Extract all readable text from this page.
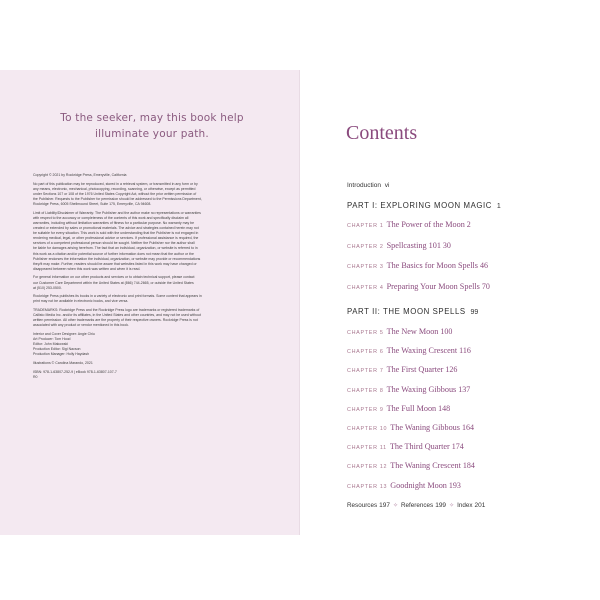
To the seeker, may this book help
illuminate your path.

Copyright © 2021 by Rockridge Press, Emeryville, California

No part of this publication may be reproduced, stored in a retrieval system, or transmitted in any form or by
any means, electronic, mechanical, photocopying, recording, scanning, or otherwise, except as permitted
under Sections 107 or 108 of the 1976 United States Copyright Act, without the prior written permission of
the Publisher. Requests to the Publisher for permission should be addressed to the Permissions Department,
Rockridge Press, 6005 Shellmound Street, Suite 175, Emeryville, CA 94608.

Limit of Liability/Disclaimer of Warranty: The Publisher and the author make no representations or warranties
with respect to the accuracy or completeness of the contents of this work and specifically disclaim all
warranties, including without limitation warranties of fitness for a particular purpose. No warranty may be
created or extended by sales or promotional materials. The advice and strategies contained herein may not
be suitable for every situation. This work is sold with the understanding that the Publisher is not engaged in
rendering medical, legal, or other professional advice or services. If professional assistance is required, the
services of a competent professional person should be sought. Neither the Publisher nor the author shall
be liable for damages arising herefrom. The fact that an individual, organization, or website is referred to in
this work as a citation and/or potential source of further information does not mean that the author or the
Publisher endorses the information the individual, organization, or website may provide or recommendations
they/it may make. Further, readers should be aware that websites listed in this work may have changed or
disappeared between when this work was written and when it is read.

For general information on our other products and services or to obtain technical support, please contact
our Customer Care Department within the United States at (866) 744-2665, or outside the United States
at (510) 253-0500.

Rockridge Press publishes its books in a variety of electronic and print formats. Some content that appears in
print may not be available in electronic books, and vice versa.

TRADEMARKS: Rockridge Press and the Rockridge Press logo are trademarks or registered trademarks of
Callisto Media Inc. and/or its affiliates, in the United States and other countries, and may not be used without
written permission. All other trademarks are the property of their respective owners. Rockridge Press is not
associated with any product or vendor mentioned in this book.

Interior and Cover Designer: Angie Chiu
Art Producer: Tom Hood
Editor: John Makowski
Production Editor: Sigi Nacson
Production Manager: Holly Haydash

Illustrations © Carolina Marando, 2021

ISBN: 978-1-63807-252-9 | eBook 978-1-63807-107-7
R0

Contents
Introduction vi
PART I: EXPLORING MOON MAGIC 1
CHAPTER 1 The Power of the Moon 2
CHAPTER 2 Spellcasting 101 30
CHAPTER 3 The Basics for Moon Spells 46
CHAPTER 4 Preparing Your Moon Spells 70
PART II: THE MOON SPELLS 99
CHAPTER 5 The New Moon 100
CHAPTER 6 The Waxing Crescent 116
CHAPTER 7 The First Quarter 126
CHAPTER 8 The Waxing Gibbous 137
CHAPTER 9 The Full Moon 148
CHAPTER 10 The Waning Gibbous 164
CHAPTER 11 The Third Quarter 174
CHAPTER 12 The Waning Crescent 184
CHAPTER 13 Goodnight Moon 193
Resources 197 ✧ References 199 ✧ Index 201
